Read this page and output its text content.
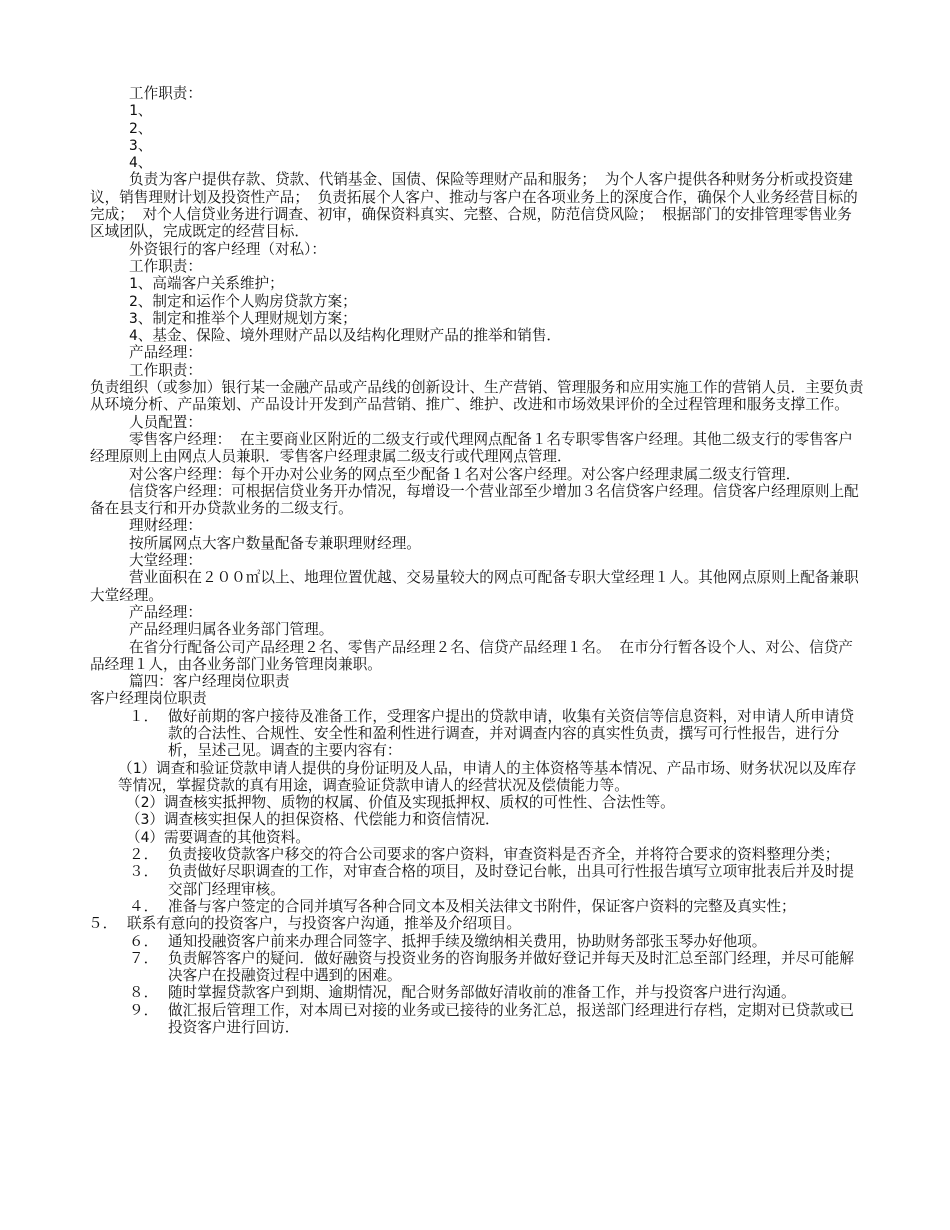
工作职责：

1、

2、

3、

4、

负责为客户提供存款、贷款、代销基金、国债、保险等理财产品和服务； 为个人客户提供各种财务分析或投资建议，销售理财计划及投资性产品； 负责拓展个人客户、推动与客户在各项业务上的深度合作，确保个人业务经营目标的完成； 对个人信贷业务进行调查、初审，确保资料真实、完整、合规，防范信贷风险； 根据部门的安排管理零售业务区域团队，完成既定的经营目标．

外资银行的客户经理（对私）：

工作职责：

1、高端客户关系维护；

2、制定和运作个人购房贷款方案；

3、制定和推举个人理财规划方案；

4、基金、保险、境外理财产品以及结构化理财产品的推举和销售．

产品经理：

工作职责：

负责组织（或参加）银行某一金融产品或产品线的创新设计、生产营销、管理服务和应用实施工作的营销人员．主要负责从环境分析、产品策划、产品设计开发到产品营销、推广、维护、改进和市场效果评价的全过程管理和服务支撑工作。

人员配置：

零售客户经理： 在主要商业区附近的二级支行或代理网点配备１名专职零售客户经理。其他二级支行的零售客户经理原则上由网点人员兼职．零售客户经理隶属二级支行或代理网点管理．

对公客户经理：每个开办对公业务的网点至少配备１名对公客户经理。对公客户经理隶属二级支行管理．

信贷客户经理：可根据信贷业务开办情况，每增设一个营业部至少增加３名信贷客户经理。信贷客户经理原则上配备在县支行和开办贷款业务的二级支行。

理财经理：

按所属网点大客户数量配备专兼职理财经理。

大堂经理：

营业面积在２００㎡以上、地理位置优越、交易量较大的网点可配备专职大堂经理１人。其他网点原则上配备兼职大堂经理。

产品经理：

产品经理归属各业务部门管理。

在省分行配备公司产品经理２名、零售产品经理２名、信贷产品经理１名。 在市分行暂各设个人、对公、信贷产品经理１人，由各业务部门业务管理岗兼职。

篇四：客户经理岗位职责

客户经理岗位职责

１． 做好前期的客户接待及准备工作，受理客户提出的贷款申请，收集有关资信等信息资料，对申请人所申请贷款的合法性、合规性、安全性和盈利性进行调查，并对调查内容的真实性负责，撰写可行性报告，进行分析，呈述己见。调查的主要内容有：

（1）调查和验证贷款申请人提供的身份证明及人品，申请人的主体资格等基本情况、产品市场、财务状况以及库存等情况，掌握贷款的真有用途，调查验证贷款申请人的经营状况及偿债能力等。

（2）调查核实抵押物、质物的权属、价值及实现抵押权、质权的可性性、合法性等。

（3）调查核实担保人的担保资格、代偿能力和资信情况．

（4）需要调查的其他资料。

２． 负责接收贷款客户移交的符合公司要求的客户资料，审查资料是否齐全，并将符合要求的资料整理分类；
３． 负责做好尽职调查的工作，对审查合格的项目，及时登记台帐，出具可行性报告填写立项审批表后并及时提交部门经理审核。
４． 准备与客户签定的合同并填写各种合同文本及相关法律文书附件，保证客户资料的完整及真实性；
５． 联系有意向的投资客户，与投资客户沟通，推举及介绍项目。
６． 通知投融资客户前来办理合同签字、抵押手续及缴纳相关费用，协助财务部张玉琴办好他项。
７． 负责解答客户的疑问．做好融资与投资业务的咨询服务并做好登记并每天及时汇总至部门经理，并尽可能解决客户在投融资过程中遇到的困难。
８． 随时掌握贷款客户到期、逾期情况，配合财务部做好清收前的准备工作，并与投资客户进行沟通。
９． 做汇报后管理工作，对本周已对接的业务或已接待的业务汇总，报送部门经理进行存档，定期对已贷款或已投资客户进行回访．
